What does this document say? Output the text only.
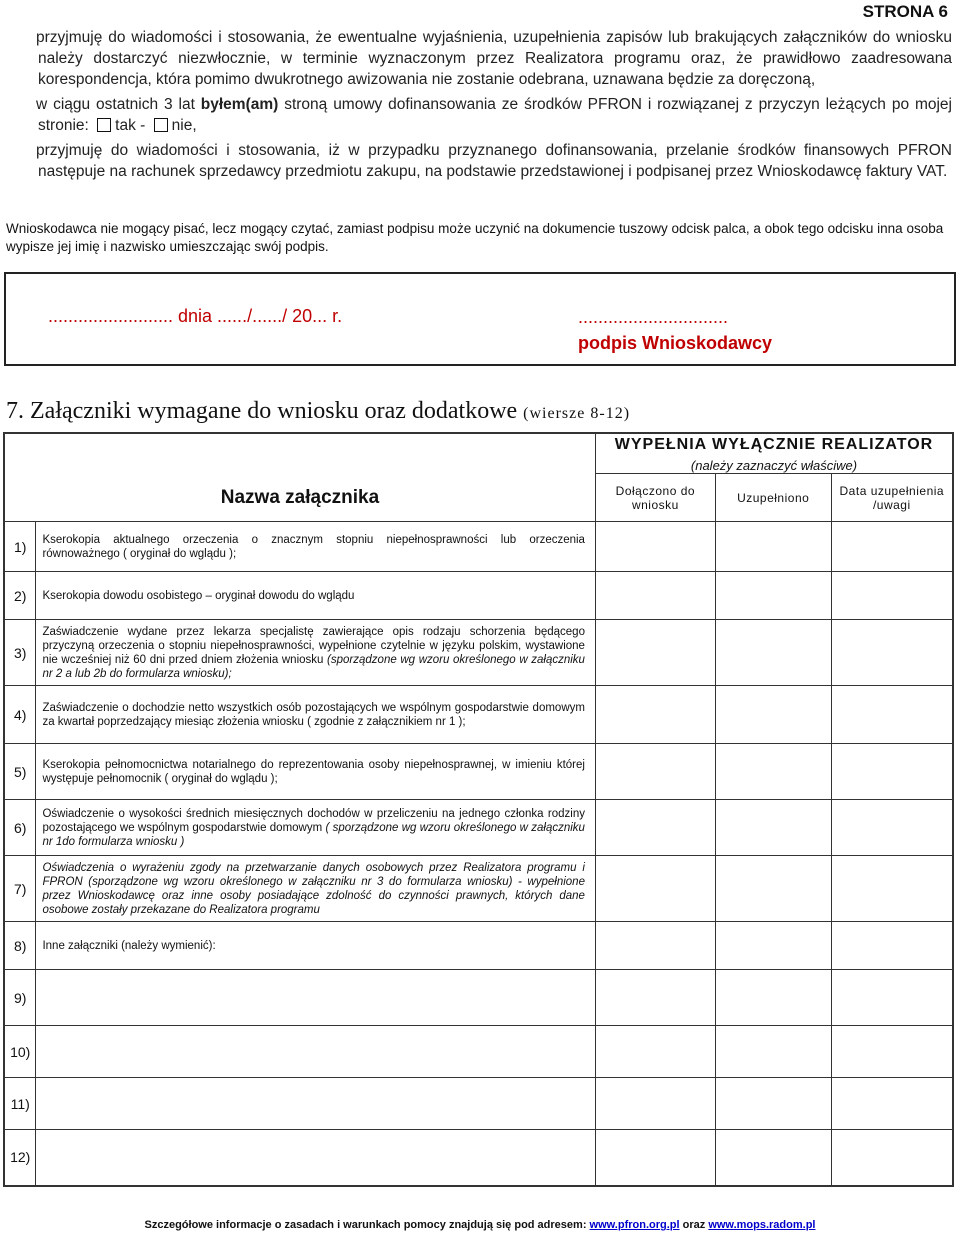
STRONA 6
przyjmuję do wiadomości i stosowania, że ewentualne wyjaśnienia, uzupełnienia zapisów lub brakujących załączników do wniosku należy dostarczyć niezwłocznie, w terminie wyznaczonym przez Realizatora programu oraz, że prawidłowo zaadresowana korespondencja, która pomimo dwukrotnego awizowania nie zostanie odebrana, uznawana będzie za doręczoną,
w ciągu ostatnich 3 lat byłem(am) stroną umowy dofinansowania ze środków PFRON i rozwiązanej z przyczyn leżących po mojej stronie: tak - nie,
przyjmuję do wiadomości i stosowania, iż w przypadku przyznanego dofinansowania, przelanie środków finansowych PFRON następuje na rachunek sprzedawcy przedmiotu zakupu, na podstawie przedstawionej i podpisanej przez Wnioskodawcę faktury VAT.
Wnioskodawca nie mogący pisać, lecz mogący czytać, zamiast podpisu może uczynić na dokumencie tuszowy odcisk palca, a obok tego odcisku inna osoba wypisze jej imię i nazwisko umieszczając swój podpis.
......................... dnia ....../....../ 20... r.	..............................
podpis Wnioskodawcy
7. Załączniki wymagane do wniosku oraz dodatkowe (wiersze 8-12)
Nazwa załącznika		WYPEŁNIA WYŁĄCZNIE REALIZATOR
(należy zaznaczyć właściwe)		

		Dołączono do wniosku	Uzupełniono	Data uzupełnienia /uwagi
1)	Kserokopia aktualnego orzeczenia o znacznym stopniu niepełnosprawności lub orzeczenia równoważnego ( oryginał do wglądu );			
2)	Kserokopia dowodu osobistego – oryginał dowodu do wglądu			
3)	Zaświadczenie wydane przez lekarza specjalistę zawierające opis rodzaju schorzenia będącego przyczyną orzeczenia o stopniu niepełnosprawności, wypełnione czytelnie w języku polskim, wystawione nie wcześniej niż 60 dni przed dniem złożenia wniosku (sporządzone wg wzoru określonego w załączniku nr 2 a lub 2b do formularza wniosku);			
4)	Zaświadczenie o dochodzie netto wszystkich osób pozostających we wspólnym gospodarstwie domowym za kwartał poprzedzający miesiąc złożenia wniosku ( zgodnie z załącznikiem nr 1 );			
5)	Kserokopia pełnomocnictwa notarialnego do reprezentowania osoby niepełnosprawnej, w imieniu której występuje pełnomocnik ( oryginał do wglądu );			
6)	Oświadczenie o wysokości średnich miesięcznych dochodów w przeliczeniu na jednego członka rodziny pozostającego we wspólnym gospodarstwie domowym ( sporządzone wg wzoru określonego w załączniku nr 1do formularza wniosku )			
7)	Oświadczenia o wyrażeniu zgody na przetwarzanie danych osobowych przez Realizatora programu i FPRON (sporządzone wg wzoru określonego w załączniku nr 3 do formularza wniosku) - wypełnione przez Wnioskodawcę oraz inne osoby posiadające zdolność do czynności prawnych, których dane osobowe zostały przekazane do Realizatora programu			
8)	Inne załączniki (należy wymienić):			
9)				
10)				
11)				
12)				
Szczegółowe informacje o zasadach i warunkach pomocy znajdują się pod adresem: www.pfron.org.pl oraz www.mops.radom.pl
